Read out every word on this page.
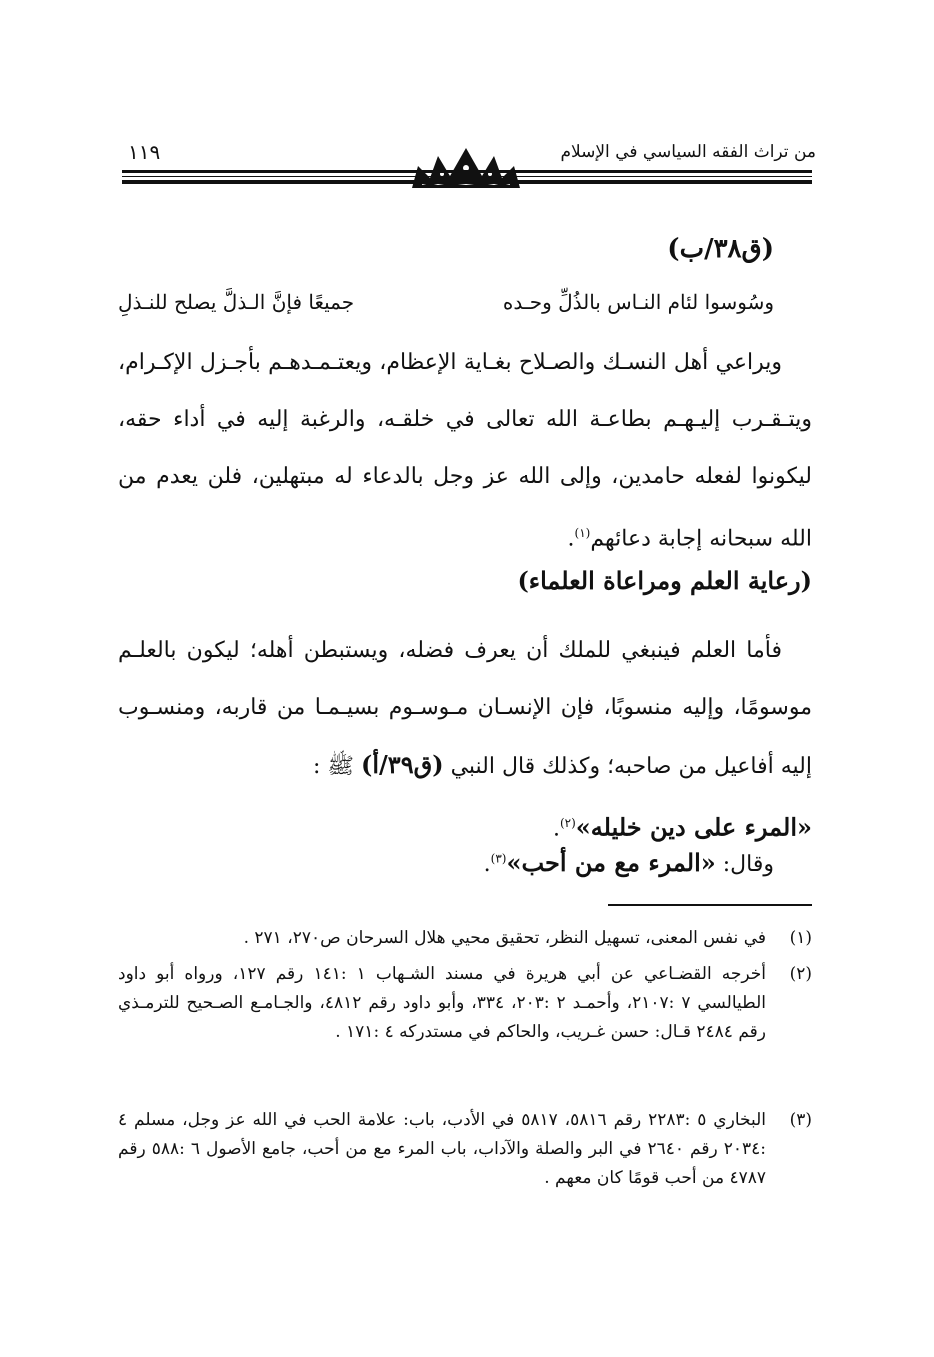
من تراث الفقه السياسي في الإسلام
١١٩
(ق٣٨/ب)
وسُوسوا لئام النـاس بالذُلِّ وحـده
جميعًا فإنَّ الـذلَّ يصلح للنـذلِ
ويراعي أهل النسـك والصـلاح بغـاية الإعظام، ويعتـمـدهـم بأجـزل الإكـرام، ويتـقـرب إليـهـم بطاعـة الله تعالى في خلقـه، والرغبة إليه في أداء حقه، ليكونوا لفعله حامدين، وإلى الله عز وجل بالدعاء له مبتهلين، فلن يعدم من الله سبحانه إجابة دعائهم$^{(١)}$.
(رعاية العلم ومراعاة العلماء)
فأما العلم فينبغي للملك أن يعرف فضله، ويستبطن أهله؛ ليكون بالعلـم موسومًا، وإليه منسوبًا، فإن الإنسـان مـوسـوم بسيـمـا من قاربه، ومنسـوب إليه أفاعيل من صاحبه؛ وكذلك قال النبي (ق٣٩/أ) ﷺ :
«المرء على دين خليله»$^{(٢)}$.
وقال: «المرء مع من أحب»$^{(٣)}$.
(١)
في نفس المعنى، تسهيل النظر، تحقيق محيي هلال السرحان ص٢٧٠، ٢٧١ .
(٢)
أخرجه القضـاعي عن أبي هريرة في مسند الشـهاب ١ :١٤١ رقم ١٢٧، ورواه أبو داود الطيالسي ٧ :٢١٠٧، وأحمـد ٢ :٢٠٣، ٣٣٤، وأبو داود رقم ٤٨١٢، والجـامـع الصـحيح للترمـذي رقم ٢٤٨٤ قـال: حسن غـريب، والحاكم في مستدركه ٤ :١٧١ .
(٣)
البخاري ٥ :٢٢٨٣ رقم ٥٨١٦، ٥٨١٧ في الأدب، باب: علامة الحب في الله عز وجل، مسلم ٤ :٢٠٣٤ رقم ٢٦٤٠ في البر والصلة والآداب، باب المرء مع من أحب، جامع الأصول ٦ :٥٨٨ رقم ٤٧٨٧ من أحب قومًا كان معهم .
